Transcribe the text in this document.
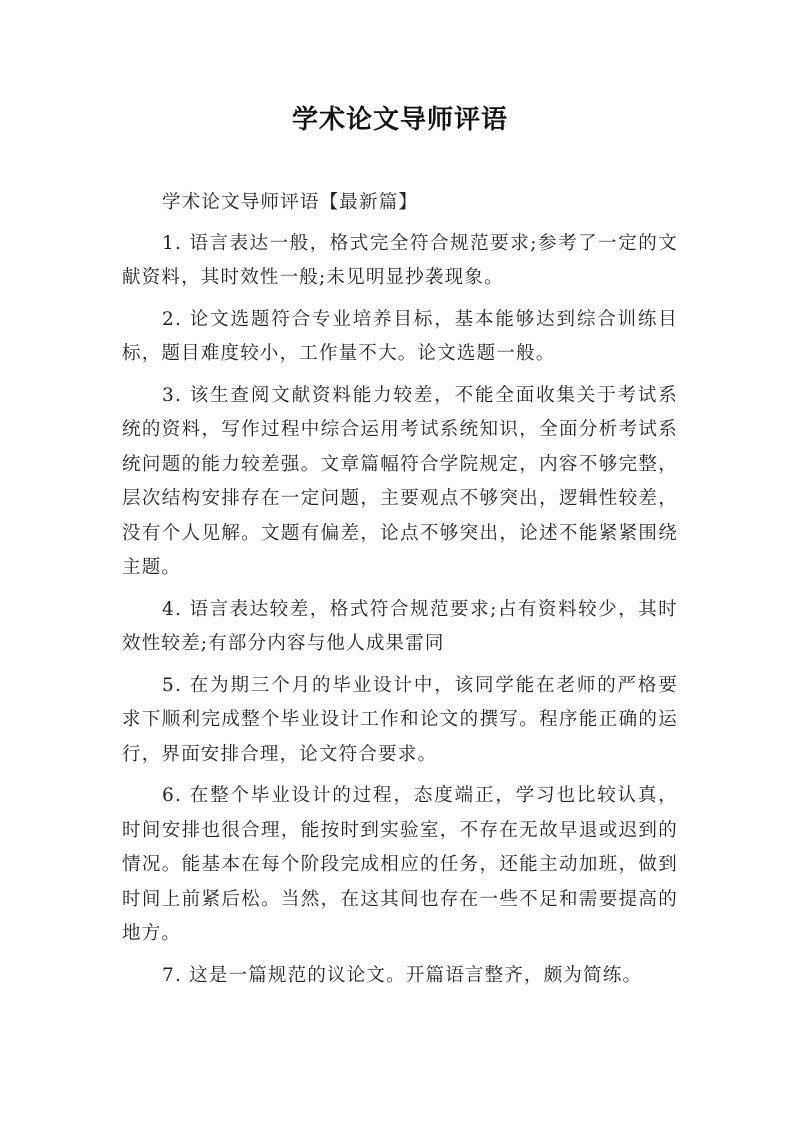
学术论文导师评语

学术论文导师评语【最新篇】

1. 语言表达一般，格式完全符合规范要求;参考了一定的文献资料，其时效性一般;未见明显抄袭现象。

2. 论文选题符合专业培养目标，基本能够达到综合训练目标，题目难度较小，工作量不大。论文选题一般。

3. 该生查阅文献资料能力较差，不能全面收集关于考试系统的资料，写作过程中综合运用考试系统知识，全面分析考试系统问题的能力较差强。文章篇幅符合学院规定，内容不够完整，层次结构安排存在一定问题，主要观点不够突出，逻辑性较差，没有个人见解。文题有偏差，论点不够突出，论述不能紧紧围绕主题。

4. 语言表达较差，格式符合规范要求;占有资料较少，其时效性较差;有部分内容与他人成果雷同

5. 在为期三个月的毕业设计中，该同学能在老师的严格要求下顺利完成整个毕业设计工作和论文的撰写。程序能正确的运行，界面安排合理，论文符合要求。

6. 在整个毕业设计的过程，态度端正，学习也比较认真，时间安排也很合理，能按时到实验室，不存在无故早退或迟到的情况。能基本在每个阶段完成相应的任务，还能主动加班，做到时间上前紧后松。当然，在这其间也存在一些不足和需要提高的地方。

7. 这是一篇规范的议论文。开篇语言整齐，颇为简练。
